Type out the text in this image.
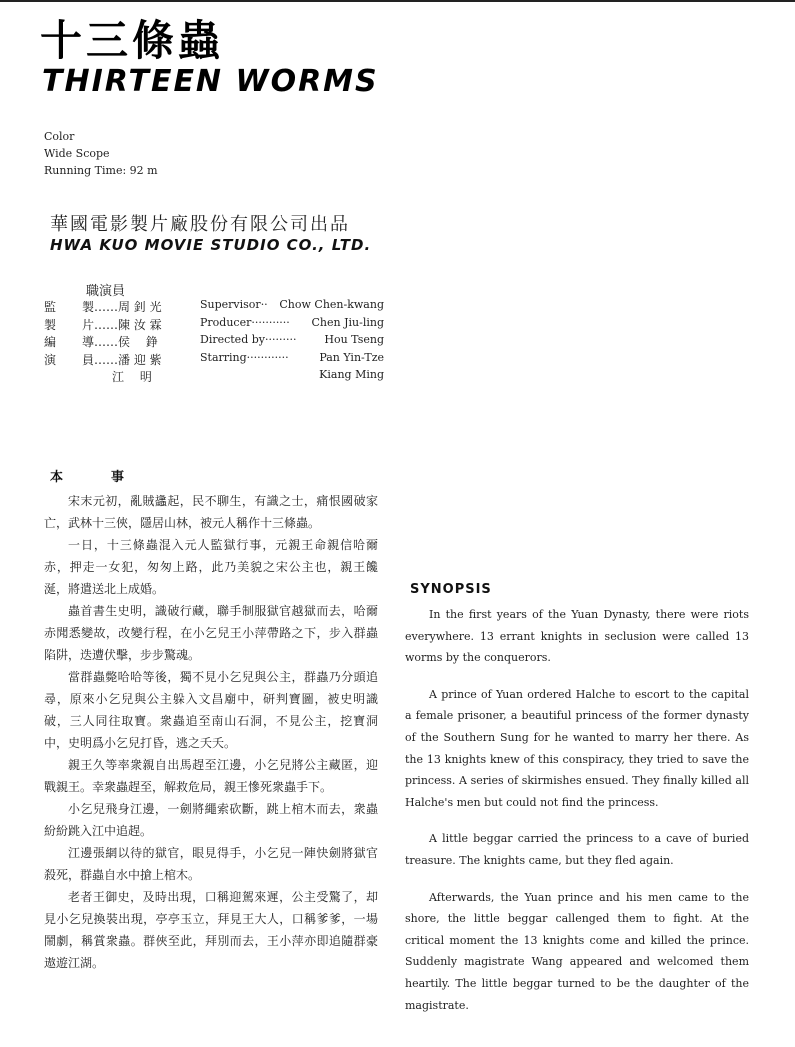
十三條蟲
THIRTEEN WORMS
Color
Wide Scope
Running Time: 92 m
華國電影製片廠股份有限公司出品
HWA KUO MOVIE STUDIO CO., LTD.
職演員
監	製……周 釗 光	Supervisor·· Chow Chen-kwang
製	片……陳 汝 霖	Producer··········· Chen Jiu-ling
編	導……侯　 錚	Directed by·········	Hou Tseng
演	員……潘 迎 紫	Starring············	Pan Yin-Tze
江　 明	Kiang Ming
本	事

宋末元初，亂賊蠭起，民不聊生，有識之士，痛恨國破家亡，武林十三俠，隱居山林，被元人稱作十三條蟲。

一日，十三條蟲混入元人監獄行事，元親王命親信哈爾赤，押走一女犯，匆匆上路，此乃美貌之宋公主也，親王饞涎，將遣送北上成婚。

蟲首書生史明，識破行藏，聯手制服獄官越獄而去，哈爾赤聞悉變故，改變行程，在小乞兒王小萍帶路之下，步入群蟲陷阱，迭遭伏擊，步步驚魂。

當群蟲斃哈哈等後，獨不見小乞兒與公主，群蟲乃分頭追尋，原來小乞兒與公主躲入文昌廟中，研判寶圖，被史明識破，三人同往取寶。衆蟲追至南山石洞，不見公主，挖寶洞中，史明爲小乞兒打昏，逃之夭夭。

親王久等率衆親自出馬趕至江邊，小乞兒將公主藏匿，迎戰親王。幸衆蟲趕至，解救危局，親王慘死衆蟲手下。

小乞兒飛身江邊，一劍將繩索砍斷，跳上棺木而去，衆蟲紛紛跳入江中追趕。

江邊張網以待的獄官，眼見得手，小乞兒一陣快劍將獄官殺死，群蟲自水中搶上棺木。

老者王御史，及時出現，口稱迎駕來遲，公主受驚了，却見小乞兒換裝出現，亭亭玉立，拜見王大人，口稱爹爹，一場鬧劇，稱賞衆蟲。群俠至此，拜別而去，王小萍亦即追隨群豪遨遊江湖。

SYNOPSIS

In the first years of the Yuan Dynasty, there were riots everywhere. 13 errant knights in seclusion were called 13 worms by the conquerors.

A prince of Yuan ordered Halche to escort to the capital a female prisoner, a beautiful princess of the former dynasty of the Southern Sung for he wanted to marry her there. As the 13 knights knew of this conspiracy, they tried to save the princess. A series of skirmishes ensued. They finally killed all Halche's men but could not find the princess.

A little beggar carried the princess to a cave of buried treasure. The knights came, but they fled again.

Afterwards, the Yuan prince and his men came to the shore, the little beggar callenged them to fight. At the critical moment the 13 knights come and killed the prince. Suddenly magistrate Wang appeared and welcomed them heartily. The little beggar turned to be the daughter of the magistrate.
